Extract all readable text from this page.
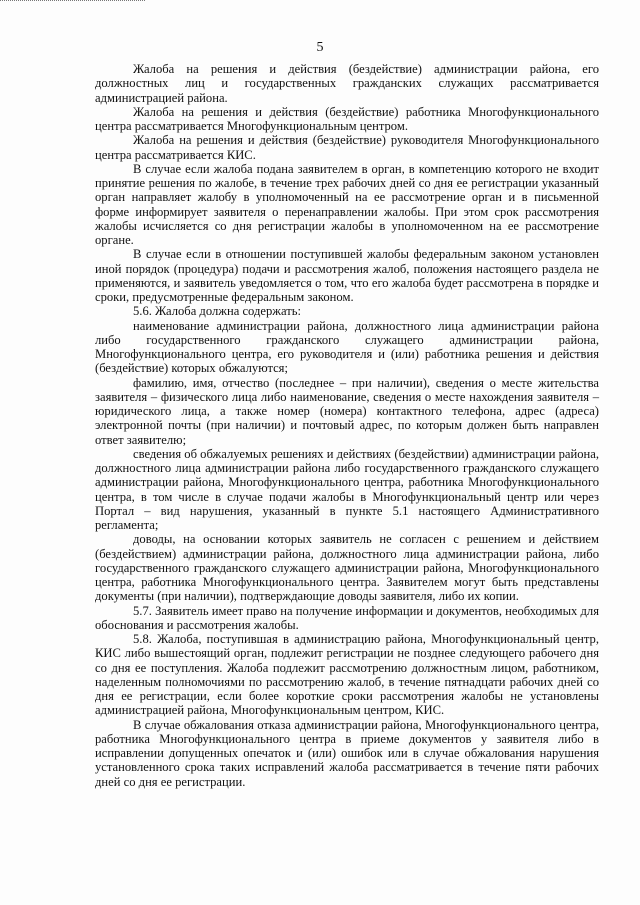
5

Жалоба на решения и действия (бездействие) администрации района, его должностных лиц и государственных гражданских служащих рассматривается администрацией района.

Жалоба на решения и действия (бездействие) работника Многофункционального центра рассматривается Многофункциональным центром.

Жалоба на решения и действия (бездействие) руководителя Многофункционального центра рассматривается КИС.

В случае если жалоба подана заявителем в орган, в компетенцию которого не входит принятие решения по жалобе, в течение трех рабочих дней со дня ее регистрации указанный орган направляет жалобу в уполномоченный на ее рассмотрение орган и в письменной форме информирует заявителя о перенаправлении жалобы. При этом срок рассмотрения жалобы исчисляется со дня регистрации жалобы в уполномоченном на ее рассмотрение органе.

В случае если в отношении поступившей жалобы федеральным законом установлен иной порядок (процедура) подачи и рассмотрения жалоб, положения настоящего раздела не применяются, и заявитель уведомляется о том, что его жалоба будет рассмотрена в порядке и сроки, предусмотренные федеральным законом.

5.6. Жалоба должна содержать:

наименование администрации района, должностного лица администрации района либо государственного гражданского служащего администрации района, Многофункционального центра, его руководителя и (или) работника решения и действия (бездействие) которых обжалуются;

фамилию, имя, отчество (последнее – при наличии), сведения о месте жительства заявителя – физического лица либо наименование, сведения о месте нахождения заявителя – юридического лица, а также номер (номера) контактного телефона, адрес (адреса) электронной почты (при наличии) и почтовый адрес, по которым должен быть направлен ответ заявителю;

сведения об обжалуемых решениях и действиях (бездействии) администрации района, должностного лица администрации района либо государственного гражданского служащего администрации района, Многофункционального центра, работника Многофункционального центра, в том числе в случае подачи жалобы в Многофункциональный центр или через Портал – вид нарушения, указанный в пункте 5.1 настоящего Административного регламента;

доводы, на основании которых заявитель не согласен с решением и действием (бездействием) администрации района, должностного лица администрации района, либо государственного гражданского служащего администрации района, Многофункционального центра, работника Многофункционального центра. Заявителем могут быть представлены документы (при наличии), подтверждающие доводы заявителя, либо их копии.

5.7. Заявитель имеет право на получение информации и документов, необходимых для обоснования и рассмотрения жалобы.

5.8. Жалоба, поступившая в администрацию района, Многофункциональный центр, КИС либо вышестоящий орган, подлежит регистрации не позднее следующего рабочего дня со дня ее поступления. Жалоба подлежит рассмотрению должностным лицом, работником, наделенным полномочиями по рассмотрению жалоб, в течение пятнадцати рабочих дней со дня ее регистрации, если более короткие сроки рассмотрения жалобы не установлены администрацией района, Многофункциональным центром, КИС.

В случае обжалования отказа администрации района, Многофункционального центра, работника Многофункционального центра в приеме документов у заявителя либо в исправлении допущенных опечаток и (или) ошибок или в случае обжалования нарушения установленного срока таких исправлений жалоба рассматривается в течение пяти рабочих дней со дня ее регистрации.
